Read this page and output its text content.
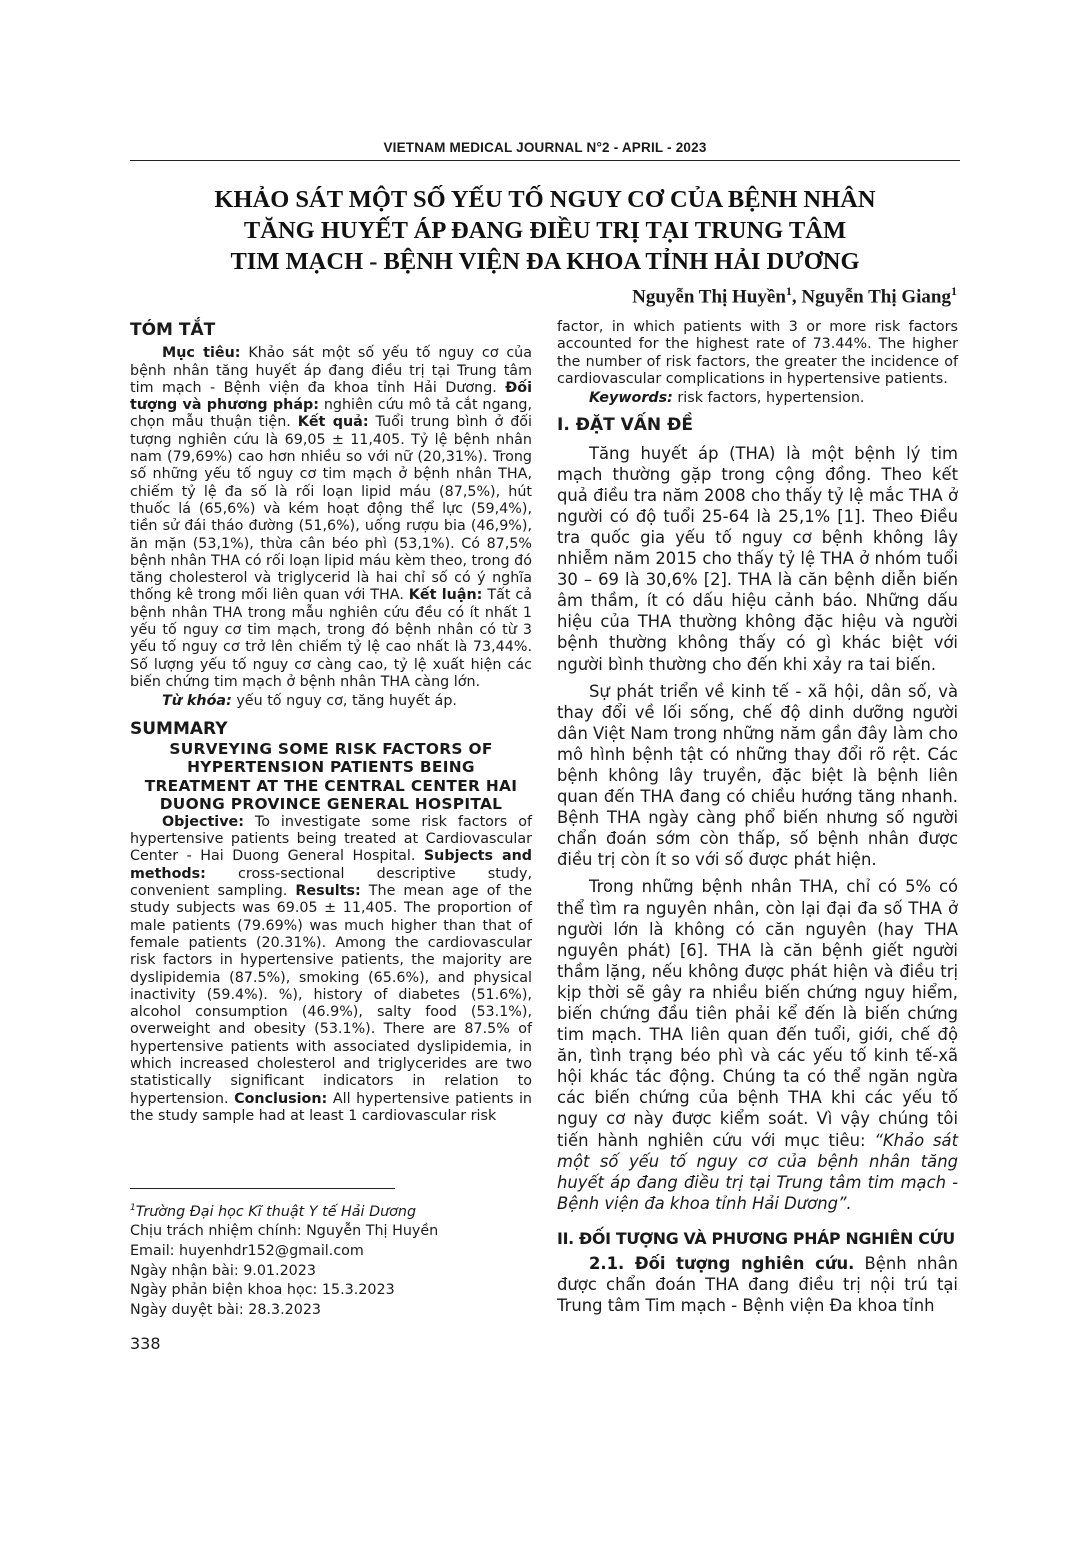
VIETNAM MEDICAL JOURNAL N°2 - APRIL - 2023
KHẢO SÁT MỘT SỐ YẾU TỐ NGUY CƠ CỦA BỆNH NHÂN
TĂNG HUYẾT ÁP ĐANG ĐIỀU TRỊ TẠI TRUNG TÂM
TIM MẠCH - BỆNH VIỆN ĐA KHOA TỈNH HẢI DƯƠNG
Nguyễn Thị Huyền$^1$, Nguyễn Thị Giang$^1$

TÓM TẮT

Mục tiêu: Khảo sát một số yếu tố nguy cơ của bệnh nhân tăng huyết áp đang điều trị tại Trung tâm tim mạch - Bệnh viện đa khoa tỉnh Hải Dương. Đối tượng và phương pháp: nghiên cứu mô tả cắt ngang, chọn mẫu thuận tiện. Kết quả: Tuổi trung bình ở đối tượng nghiên cứu là 69,05 ± 11,405. Tỷ lệ bệnh nhân nam (79,69%) cao hơn nhiều so với nữ (20,31%). Trong số những yếu tố nguy cơ tim mạch ở bệnh nhân THA, chiếm tỷ lệ đa số là rối loạn lipid máu (87,5%), hút thuốc lá (65,6%) và kém hoạt động thể lực (59,4%), tiền sử đái tháo đường (51,6%), uống rượu bia (46,9%), ăn mặn (53,1%), thừa cân béo phì (53,1%). Có 87,5% bệnh nhân THA có rối loạn lipid máu kèm theo, trong đó tăng cholesterol và triglycerid là hai chỉ số có ý nghĩa thống kê trong mối liên quan với THA. Kết luận: Tất cả bệnh nhân THA trong mẫu nghiên cứu đều có ít nhất 1 yếu tố nguy cơ tim mạch, trong đó bệnh nhân có từ 3 yếu tố nguy cơ trở lên chiếm tỷ lệ cao nhất là 73,44%. Số lượng yếu tố nguy cơ càng cao, tỷ lệ xuất hiện các biến chứng tim mạch ở bệnh nhân THA càng lớn.

Từ khóa: yếu tố nguy cơ, tăng huyết áp.

SUMMARY

SURVEYING SOME RISK FACTORS OF
HYPERTENSION PATIENTS BEING
TREATMENT AT THE CENTRAL CENTER HAI
DUONG PROVINCE GENERAL HOSPITAL

Objective: To investigate some risk factors of hypertensive patients being treated at Cardiovascular Center - Hai Duong General Hospital. Subjects and methods: cross-sectional descriptive study, convenient sampling. Results: The mean age of the study subjects was 69.05 ± 11,405. The proportion of male patients (79.69%) was much higher than that of female patients (20.31%). Among the cardiovascular risk factors in hypertensive patients, the majority are dyslipidemia (87.5%), smoking (65.6%), and physical inactivity (59.4%). %), history of diabetes (51.6%), alcohol consumption (46.9%), salty food (53.1%), overweight and obesity (53.1%). There are 87.5% of hypertensive patients with associated dyslipidemia, in which increased cholesterol and triglycerides are two statistically significant indicators in relation to hypertension. Conclusion: All hypertensive patients in the study sample had at least 1 cardiovascular risk

factor, in which patients with 3 or more risk factors accounted for the highest rate of 73.44%. The higher the number of risk factors, the greater the incidence of cardiovascular complications in hypertensive patients.

Keywords: risk factors, hypertension.

I. ĐẶT VẤN ĐỀ

Tăng huyết áp (THA) là một bệnh lý tim mạch thường gặp trong cộng đồng. Theo kết quả điều tra năm 2008 cho thấy tỷ lệ mắc THA ở người có độ tuổi 25-64 là 25,1% [1]. Theo Điều tra quốc gia yếu tố nguy cơ bệnh không lây nhiễm năm 2015 cho thấy tỷ lệ THA ở nhóm tuổi 30 – 69 là 30,6% [2]. THA là căn bệnh diễn biến âm thầm, ít có dấu hiệu cảnh báo. Những dấu hiệu của THA thường không đặc hiệu và người bệnh thường không thấy có gì khác biệt với người bình thường cho đến khi xảy ra tai biến.

Sự phát triển về kinh tế - xã hội, dân số, và thay đổi về lối sống, chế độ dinh dưỡng người dân Việt Nam trong những năm gần đây làm cho mô hình bệnh tật có những thay đổi rõ rệt. Các bệnh không lây truyền, đặc biệt là bệnh liên quan đến THA đang có chiều hướng tăng nhanh. Bệnh THA ngày càng phổ biến nhưng số người chẩn đoán sớm còn thấp, số bệnh nhân được điều trị còn ít so với số được phát hiện.

Trong những bệnh nhân THA, chỉ có 5% có thể tìm ra nguyên nhân, còn lại đại đa số THA ở người lớn là không có căn nguyên (hay THA nguyên phát) [6]. THA là căn bệnh giết người thầm lặng, nếu không được phát hiện và điều trị kịp thời sẽ gây ra nhiều biến chứng nguy hiểm, biến chứng đầu tiên phải kể đến là biến chứng tim mạch. THA liên quan đến tuổi, giới, chế độ ăn, tình trạng béo phì và các yếu tố kinh tế-xã hội khác tác động. Chúng ta có thể ngăn ngừa các biến chứng của bệnh THA khi các yếu tố nguy cơ này được kiểm soát. Vì vậy chúng tôi tiến hành nghiên cứu với mục tiêu: “Khảo sát một số yếu tố nguy cơ của bệnh nhân tăng huyết áp đang điều trị tại Trung tâm tim mạch - Bệnh viện đa khoa tỉnh Hải Dương”.

II. ĐỐI TƯỢNG VÀ PHƯƠNG PHÁP NGHIÊN CỨU

2.1. Đối tượng nghiên cứu. Bệnh nhân được chẩn đoán THA đang điều trị nội trú tại Trung tâm Tim mạch - Bệnh viện Đa khoa tỉnh

$^1$Trường Đại học Kĩ thuật Y tế Hải Dương
Chịu trách nhiệm chính: Nguyễn Thị Huyền
Email: huyenhdr152@gmail.com
Ngày nhận bài: 9.01.2023
Ngày phản biện khoa học: 15.3.2023
Ngày duyệt bài: 28.3.2023
338
